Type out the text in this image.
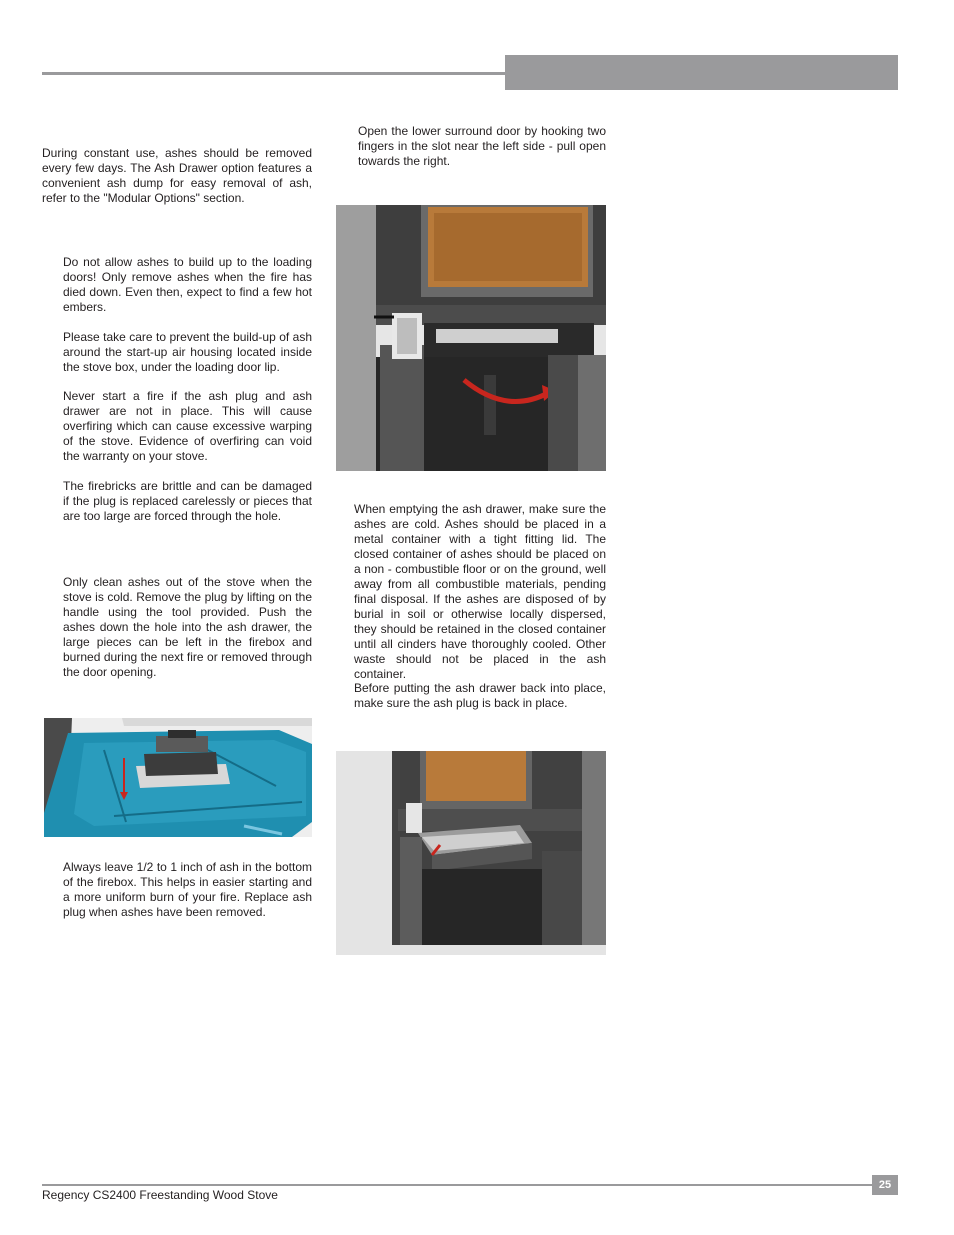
During constant use, ashes should be removed every few days. The Ash Drawer option features a convenient ash dump for easy removal of ash, refer to the "Modular Options" section.

Do not allow ashes to build up to the loading doors! Only remove ashes when the fire has died down. Even then, expect to find a few hot embers.

Please take care to prevent the build-up of ash around the start-up air housing located inside the stove box, under the loading door lip.

Never start a fire if the ash plug and ash drawer are not in place. This will cause overfiring which can cause excessive warping of the stove. Evidence of overfiring can void the warranty on your stove.

The firebricks are brittle and can be damaged if the plug is replaced carelessly or pieces that are too large are forced through the hole.

Only clean ashes out of the stove when the stove is cold. Remove the plug by lifting on the handle using the tool provided. Push the ashes down the hole into the ash drawer, the large pieces can be left in the firebox and burned during the next fire or removed through the door opening.

Always leave 1/2 to 1 inch of ash in the bottom of the firebox. This helps in easier starting and a more uniform burn of your fire. Replace ash plug when ashes have been removed.

Open the lower surround door by hooking two fingers in the slot near the left side - pull open towards the right.

When emptying the ash drawer, make sure the ashes are cold. Ashes should be placed in a metal container with a tight fitting lid. The closed container of ashes should be placed on a non - combustible floor or on the ground, well away from all combustible materials, pending final disposal. If the ashes are disposed of by burial in soil or otherwise locally dispersed, they should be retained in the closed container until all cinders have thoroughly cooled. Other waste should not be placed in the ash container.

Before putting the ash drawer back into place, make sure the ash plug is back in place.

25
Regency CS2400 Freestanding Wood Stove
